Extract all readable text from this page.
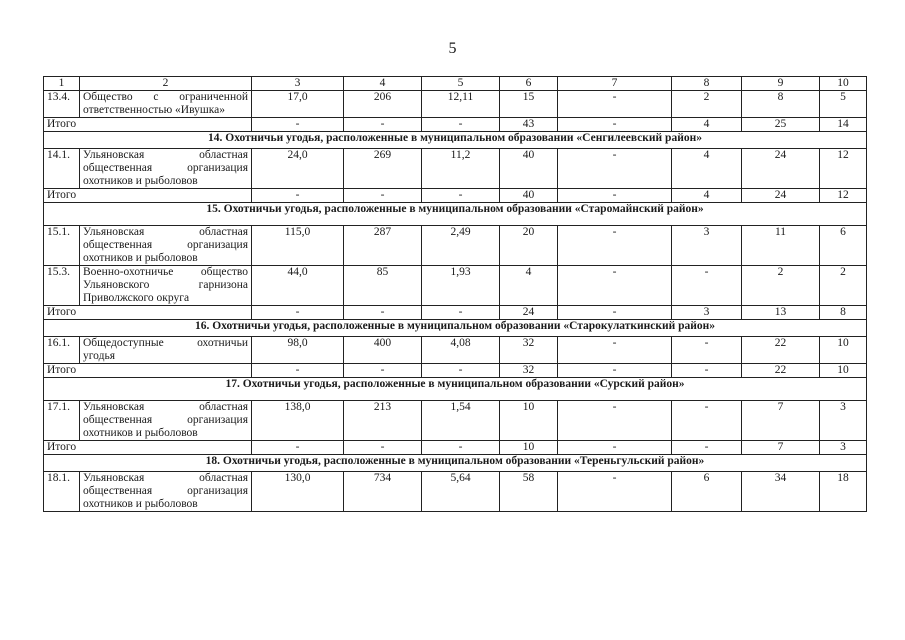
5
1	2	3	4	5	6	7	8	9	10
13.4.	Общество с ограниченной ответственностью «Ивушка»	17,0	206	12,11	15	-	2	8	5
Итого		-	-	-	43	-	4	25	14
14. Охотничьи угодья, расположенные в муниципальном образовании «Сенгилеевский район»									
14.1.	Ульяновская областная общественная организация охотников и рыболовов	24,0	269	11,2	40	-	4	24	12
Итого		-	-	-	40	-	4	24	12
15. Охотничьи угодья, расположенные в муниципальном образовании «Старомайнский район»									
15.1.	Ульяновская областная общественная организация охотников и рыболовов	115,0	287	2,49	20	-	3	11	6
15.3.	Военно-охотничье общество Ульяновского гарнизона Приволжского округа	44,0	85	1,93	4	-	-	2	2
Итого		-	-	-	24	-	3	13	8
16. Охотничьи угодья, расположенные в муниципальном образовании «Старокулаткинский район»									
16.1.	Общедоступные охотничьи угодья	98,0	400	4,08	32	-	-	22	10
Итого		-	-	-	32	-	-	22	10
17. Охотничьи угодья, расположенные в муниципальном образовании «Сурский район»									
17.1.	Ульяновская областная общественная организация охотников и рыболовов	138,0	213	1,54	10	-	-	7	3
Итого		-	-	-	10	-	-	7	3
18. Охотничьи угодья, расположенные в муниципальном образовании «Тереньгульский район»									
18.1.	Ульяновская областная общественная организация охотников и рыболовов	130,0	734	5,64	58	-	6	34	18
